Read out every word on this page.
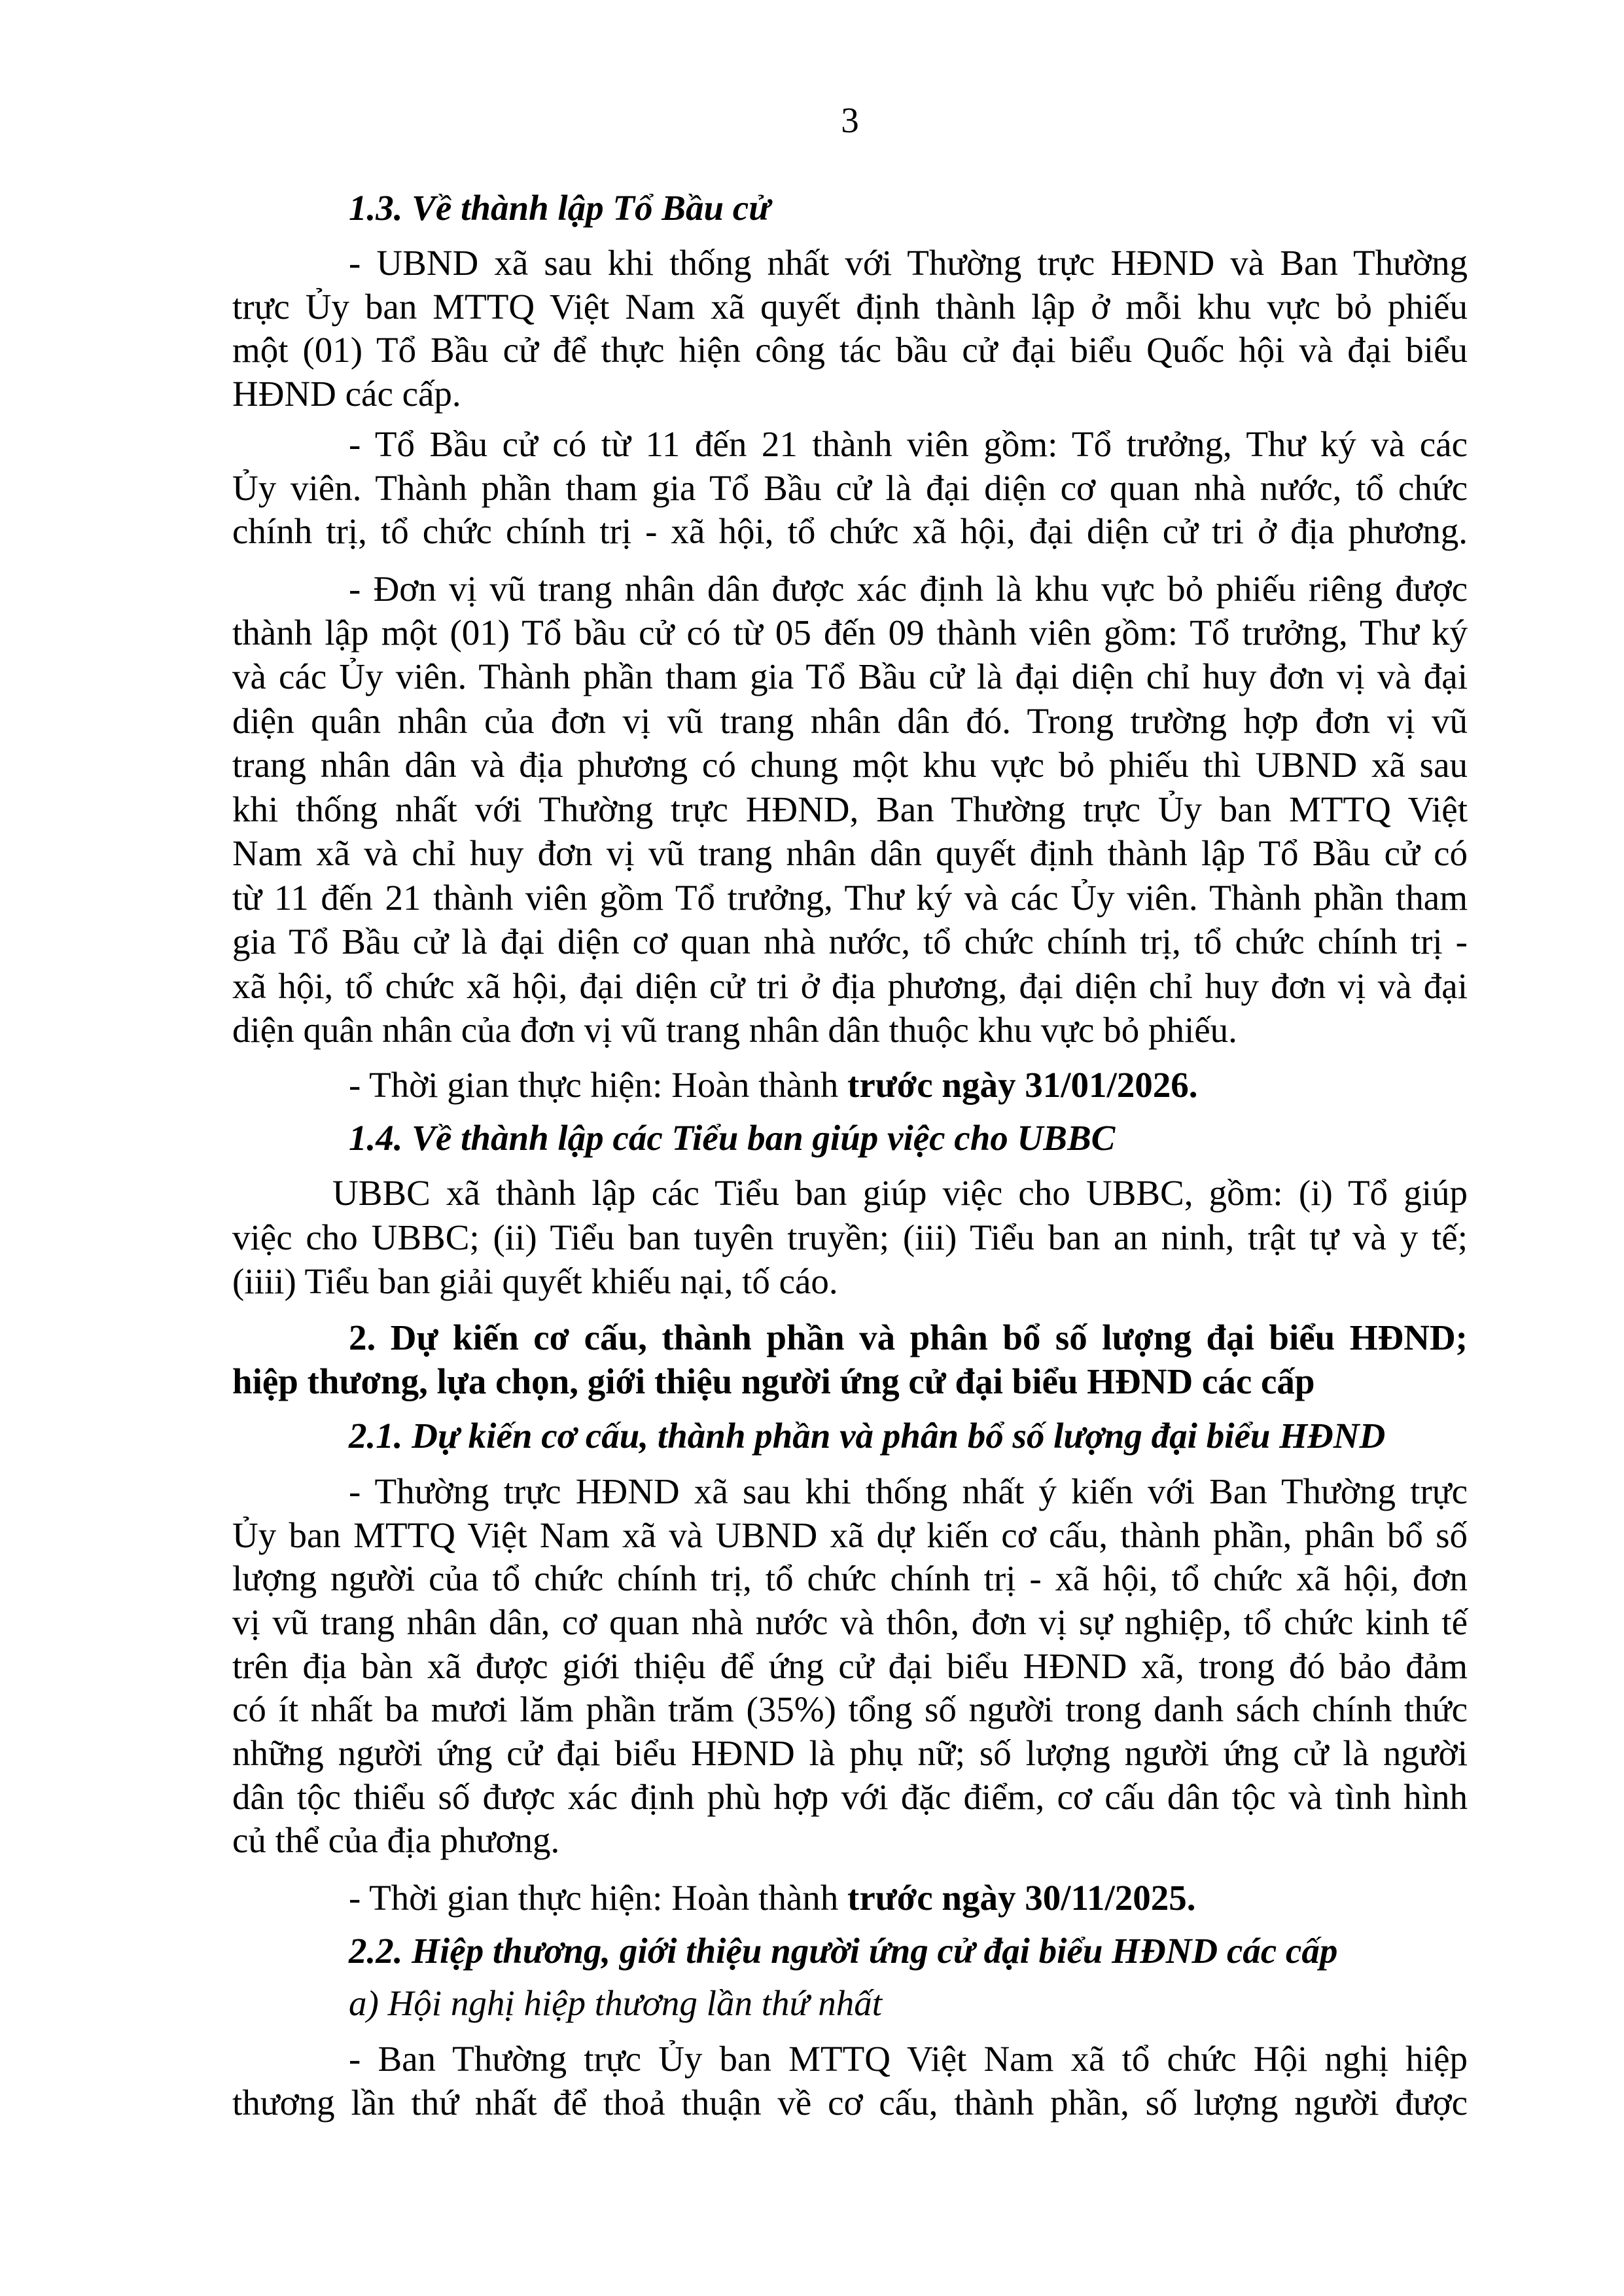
3
1.3. Về thành lập Tổ Bầu cử
- UBND xã sau khi thống nhất với Thường trực HĐND và Ban Thường
trực Ủy ban MTTQ Việt Nam xã quyết định thành lập ở mỗi khu vực bỏ phiếu
một (01) Tổ Bầu cử để thực hiện công tác bầu cử đại biểu Quốc hội và đại biểu
HĐND các cấp.
- Tổ Bầu cử có từ 11 đến 21 thành viên gồm: Tổ trưởng, Thư ký và các
Ủy viên. Thành phần tham gia Tổ Bầu cử là đại diện cơ quan nhà nước, tổ chức
chính trị, tổ chức chính trị - xã hội, tổ chức xã hội, đại diện cử tri ở địa phương.
- Đơn vị vũ trang nhân dân được xác định là khu vực bỏ phiếu riêng được
thành lập một (01) Tổ bầu cử có từ 05 đến 09 thành viên gồm: Tổ trưởng, Thư ký
và các Ủy viên. Thành phần tham gia Tổ Bầu cử là đại diện chỉ huy đơn vị và đại
diện quân nhân của đơn vị vũ trang nhân dân đó. Trong trường hợp đơn vị vũ
trang nhân dân và địa phương có chung một khu vực bỏ phiếu thì UBND xã sau
khi thống nhất với Thường trực HĐND, Ban Thường trực Ủy ban MTTQ Việt
Nam xã và chỉ huy đơn vị vũ trang nhân dân quyết định thành lập Tổ Bầu cử có
từ 11 đến 21 thành viên gồm Tổ trưởng, Thư ký và các Ủy viên. Thành phần tham
gia Tổ Bầu cử là đại diện cơ quan nhà nước, tổ chức chính trị, tổ chức chính trị -
xã hội, tổ chức xã hội, đại diện cử tri ở địa phương, đại diện chỉ huy đơn vị và đại
diện quân nhân của đơn vị vũ trang nhân dân thuộc khu vực bỏ phiếu.
- Thời gian thực hiện: Hoàn thành trước ngày 31/01/2026.
1.4. Về thành lập các Tiểu ban giúp việc cho UBBC
UBBC xã thành lập các Tiểu ban giúp việc cho UBBC, gồm: (i) Tổ giúp
việc cho UBBC; (ii) Tiểu ban tuyên truyền; (iii) Tiểu ban an ninh, trật tự và y tế;
(iiii) Tiểu ban giải quyết khiếu nại, tố cáo.
2. Dự kiến cơ cấu, thành phần và phân bổ số lượng đại biểu HĐND;
hiệp thương, lựa chọn, giới thiệu người ứng cử đại biểu HĐND các cấp
2.1. Dự kiến cơ cấu, thành phần và phân bổ số lượng đại biểu HĐND
- Thường trực HĐND xã sau khi thống nhất ý kiến với Ban Thường trực
Ủy ban MTTQ Việt Nam xã và UBND xã dự kiến cơ cấu, thành phần, phân bổ số
lượng người của tổ chức chính trị, tổ chức chính trị - xã hội, tổ chức xã hội, đơn
vị vũ trang nhân dân, cơ quan nhà nước và thôn, đơn vị sự nghiệp, tổ chức kinh tế
trên địa bàn xã được giới thiệu để ứng cử đại biểu HĐND xã, trong đó bảo đảm
có ít nhất ba mươi lăm phần trăm (35%) tổng số người trong danh sách chính thức
những người ứng cử đại biểu HĐND là phụ nữ; số lượng người ứng cử là người
dân tộc thiểu số được xác định phù hợp với đặc điểm, cơ cấu dân tộc và tình hình
củ thể của địa phương.
- Thời gian thực hiện: Hoàn thành trước ngày 30/11/2025.
2.2. Hiệp thương, giới thiệu người ứng cử đại biểu HĐND các cấp
a) Hội nghị hiệp thương lần thứ nhất
- Ban Thường trực Ủy ban MTTQ Việt Nam xã tổ chức Hội nghị hiệp
thương lần thứ nhất để thoả thuận về cơ cấu, thành phần, số lượng người được
